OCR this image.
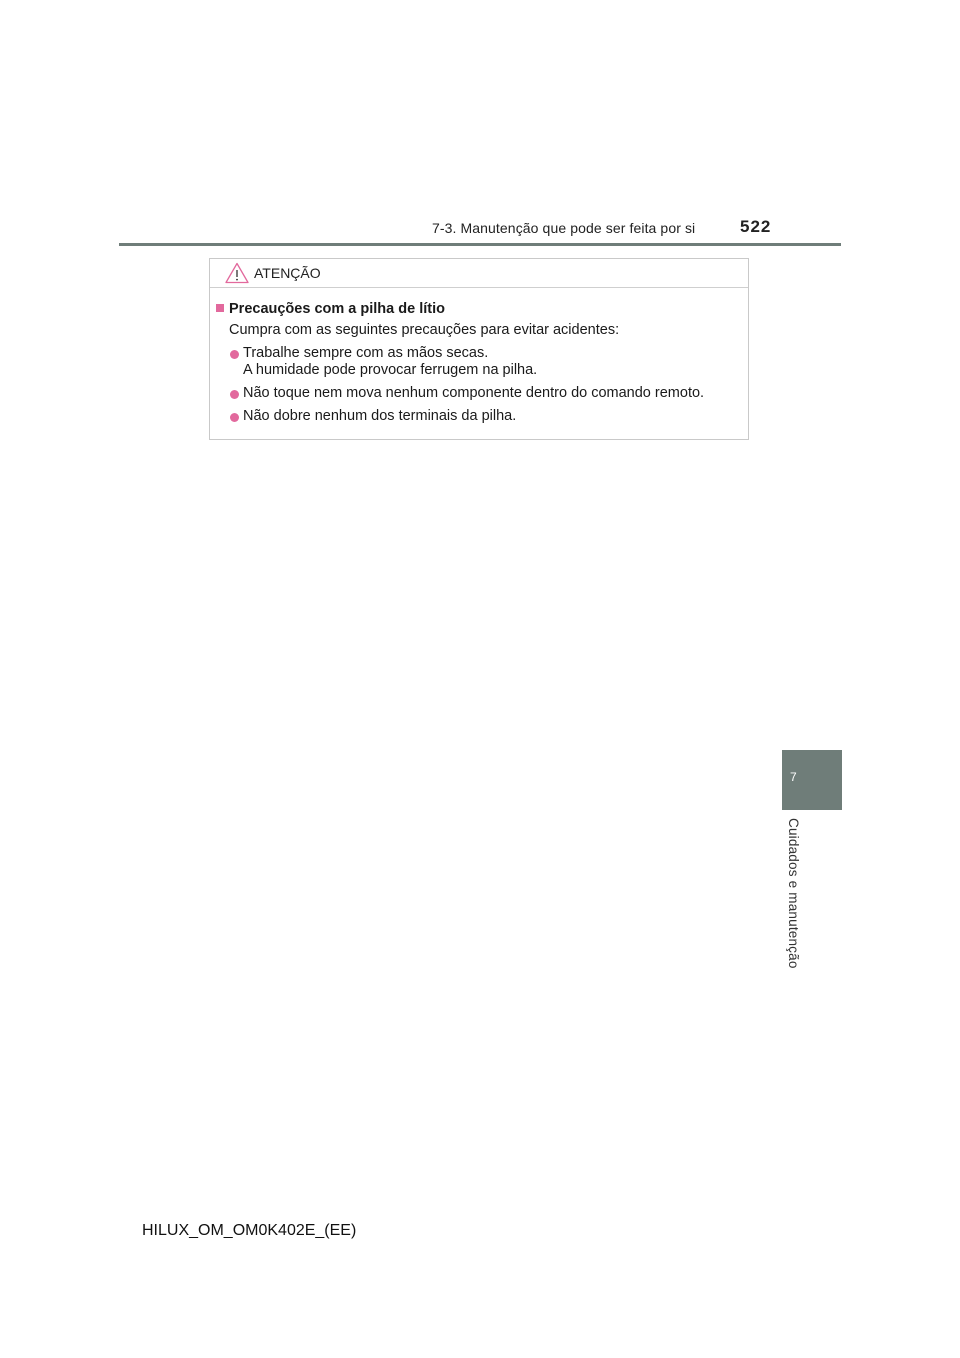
7-3. Manutenção que pode ser feita por si	522
ATENÇÃO
Precauções com a pilha de lítio
Cumpra com as seguintes precauções para evitar acidentes:
Trabalhe sempre com as mãos secas.
A humidade pode provocar ferrugem na pilha.
Não toque nem mova nenhum componente dentro do comando remoto.
Não dobre nenhum dos terminais da pilha.
7
Cuidados e manutenção
HILUX_OM_OM0K402E_(EE)
